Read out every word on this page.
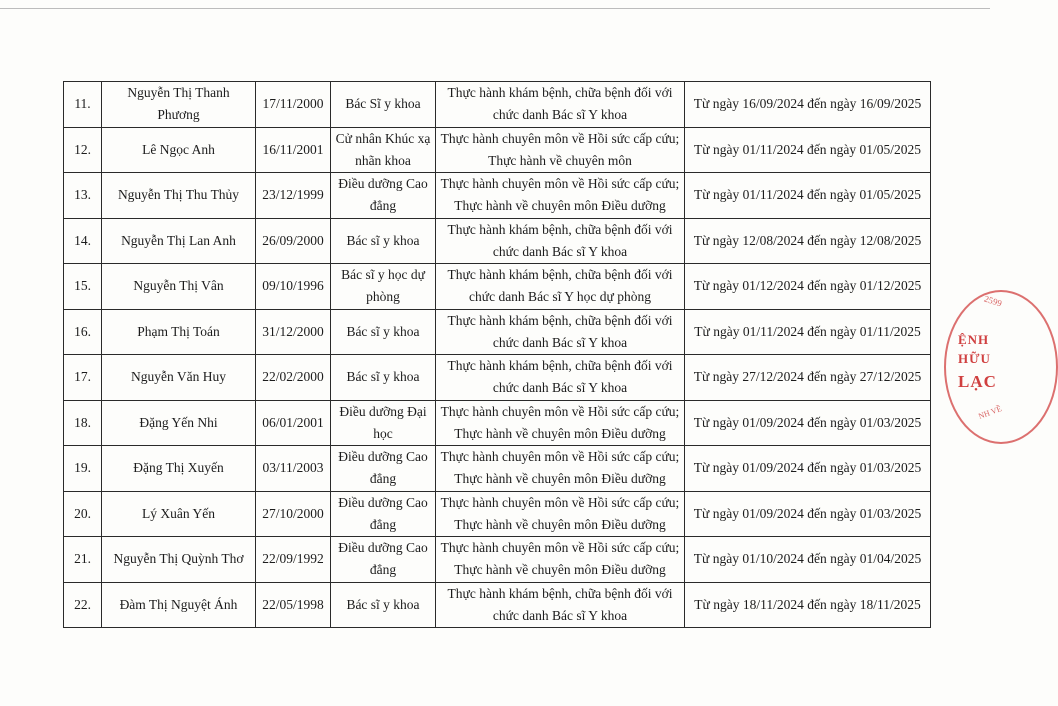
11.	Nguyễn Thị Thanh Phương	17/11/2000	Bác Sĩ y khoa	Thực hành khám bệnh, chữa bệnh đối với chức danh Bác sĩ Y khoa	Từ ngày 16/09/2024 đến ngày 16/09/2025
12.	Lê Ngọc Anh	16/11/2001	Cử nhân Khúc xạ nhãn khoa	Thực hành chuyên môn về Hồi sức cấp cứu; Thực hành về chuyên môn	Từ ngày 01/11/2024 đến ngày 01/05/2025
13.	Nguyễn Thị Thu Thủy	23/12/1999	Điều dưỡng Cao đẳng	Thực hành chuyên môn về Hồi sức cấp cứu; Thực hành về chuyên môn Điều dưỡng	Từ ngày 01/11/2024 đến ngày 01/05/2025
14.	Nguyễn Thị Lan Anh	26/09/2000	Bác sĩ y khoa	Thực hành khám bệnh, chữa bệnh đối với chức danh Bác sĩ Y khoa	Từ ngày 12/08/2024 đến ngày 12/08/2025
15.	Nguyễn Thị Vân	09/10/1996	Bác sĩ y học dự phòng	Thực hành khám bệnh, chữa bệnh đối với chức danh Bác sĩ Y học dự phòng	Từ ngày 01/12/2024 đến ngày 01/12/2025
16.	Phạm Thị Toán	31/12/2000	Bác sĩ y khoa	Thực hành khám bệnh, chữa bệnh đối với chức danh Bác sĩ Y khoa	Từ ngày 01/11/2024 đến ngày 01/11/2025
17.	Nguyễn Văn Huy	22/02/2000	Bác sĩ y khoa	Thực hành khám bệnh, chữa bệnh đối với chức danh Bác sĩ Y khoa	Từ ngày 27/12/2024 đến ngày 27/12/2025
18.	Đặng Yến Nhi	06/01/2001	Điều dưỡng Đại học	Thực hành chuyên môn về Hồi sức cấp cứu; Thực hành về chuyên môn Điều dưỡng	Từ ngày 01/09/2024 đến ngày 01/03/2025
19.	Đặng Thị Xuyến	03/11/2003	Điều dưỡng Cao đẳng	Thực hành chuyên môn về Hồi sức cấp cứu; Thực hành về chuyên môn Điều dưỡng	Từ ngày 01/09/2024 đến ngày 01/03/2025
20.	Lý Xuân Yến	27/10/2000	Điều dưỡng Cao đẳng	Thực hành chuyên môn về Hồi sức cấp cứu; Thực hành về chuyên môn Điều dưỡng	Từ ngày 01/09/2024 đến ngày 01/03/2025
21.	Nguyễn Thị Quỳnh Thơ	22/09/1992	Điều dưỡng Cao đẳng	Thực hành chuyên môn về Hồi sức cấp cứu; Thực hành về chuyên môn Điều dưỡng	Từ ngày 01/10/2024 đến ngày 01/04/2025
22.	Đàm Thị Nguyệt Ánh	22/05/1998	Bác sĩ y khoa	Thực hành khám bệnh, chữa bệnh đối với chức danh Bác sĩ Y khoa	Từ ngày 18/11/2024 đến ngày 18/11/2025
2599
ỆNH
HỮU
LẠC
NH VỀ
